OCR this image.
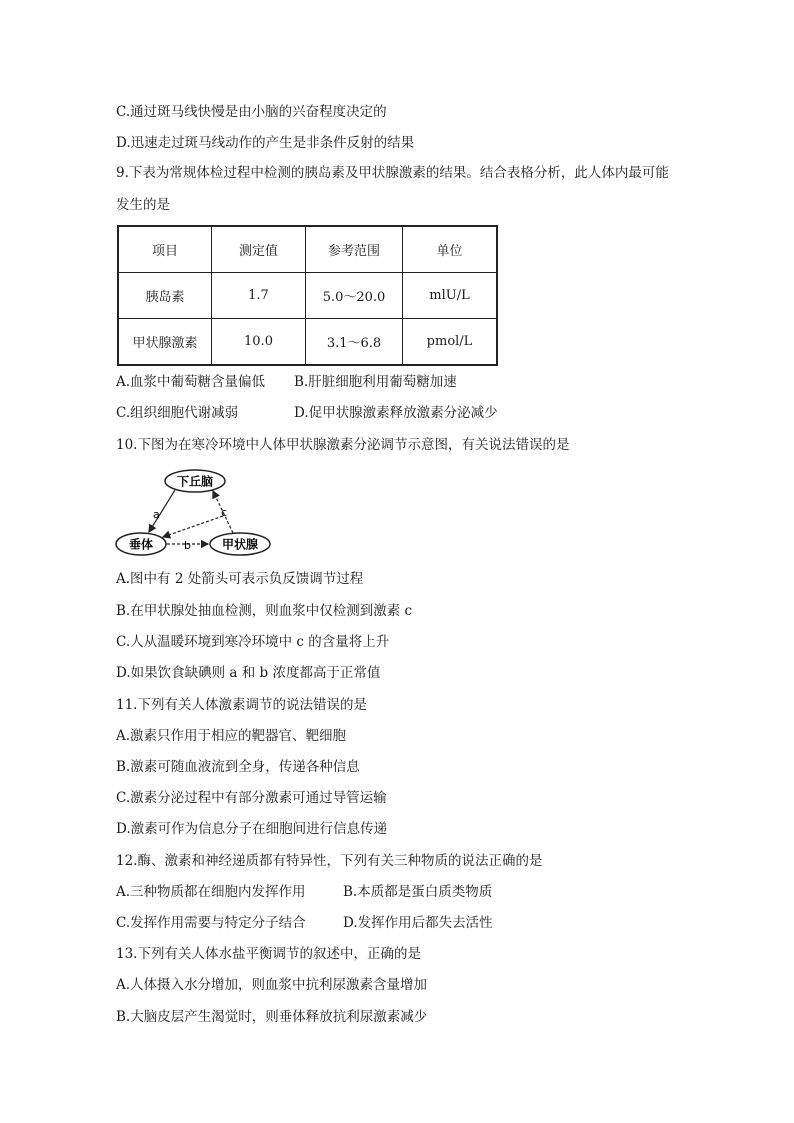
C.通过斑马线快慢是由小脑的兴奋程度决定的
D.迅速走过斑马线动作的产生是非条件反射的结果
9.下表为常规体检过程中检测的胰岛素及甲状腺激素的结果。结合表格分析，此人体内最可能
发生的是
项目	测定值	参考范围	单位
胰岛素	1.7	5.0～20.0	mlU/L
甲状腺激素	10.0	3.1～6.8	pmol/L
A.血浆中葡萄糖含量偏低 B.肝脏细胞利用葡萄糖加速
C.组织细胞代谢减弱	D.促甲状腺激素释放激素分泌减少
10.下图为在寒冷环境中人体甲状腺激素分泌调节示意图，有关说法错误的是
下丘脑
垂体	甲状腺
a
b
c
A.图中有 2 处箭头可表示负反馈调节过程
B.在甲状腺处抽血检测，则血浆中仅检测到激素 c
C.人从温暖环境到寒冷环境中 c 的含量将上升
D.如果饮食缺碘则 a 和 b 浓度都高于正常值
11.下列有关人体激素调节的说法错误的是
A.激素只作用于相应的靶器官、靶细胞
B.激素可随血液流到全身，传递各种信息
C.激素分泌过程中有部分激素可通过导管运输
D.激素可作为信息分子在细胞间进行信息传递
12.酶、激素和神经递质都有特异性，下列有关三种物质的说法正确的是
A.三种物质都在细胞内发挥作用	B.本质都是蛋白质类物质
C.发挥作用需要与特定分子结合	D.发挥作用后都失去活性
13.下列有关人体水盐平衡调节的叙述中，正确的是
A.人体摄入水分增加，则血浆中抗利尿激素含量增加
B.大脑皮层产生渴觉时，则垂体释放抗利尿激素减少
